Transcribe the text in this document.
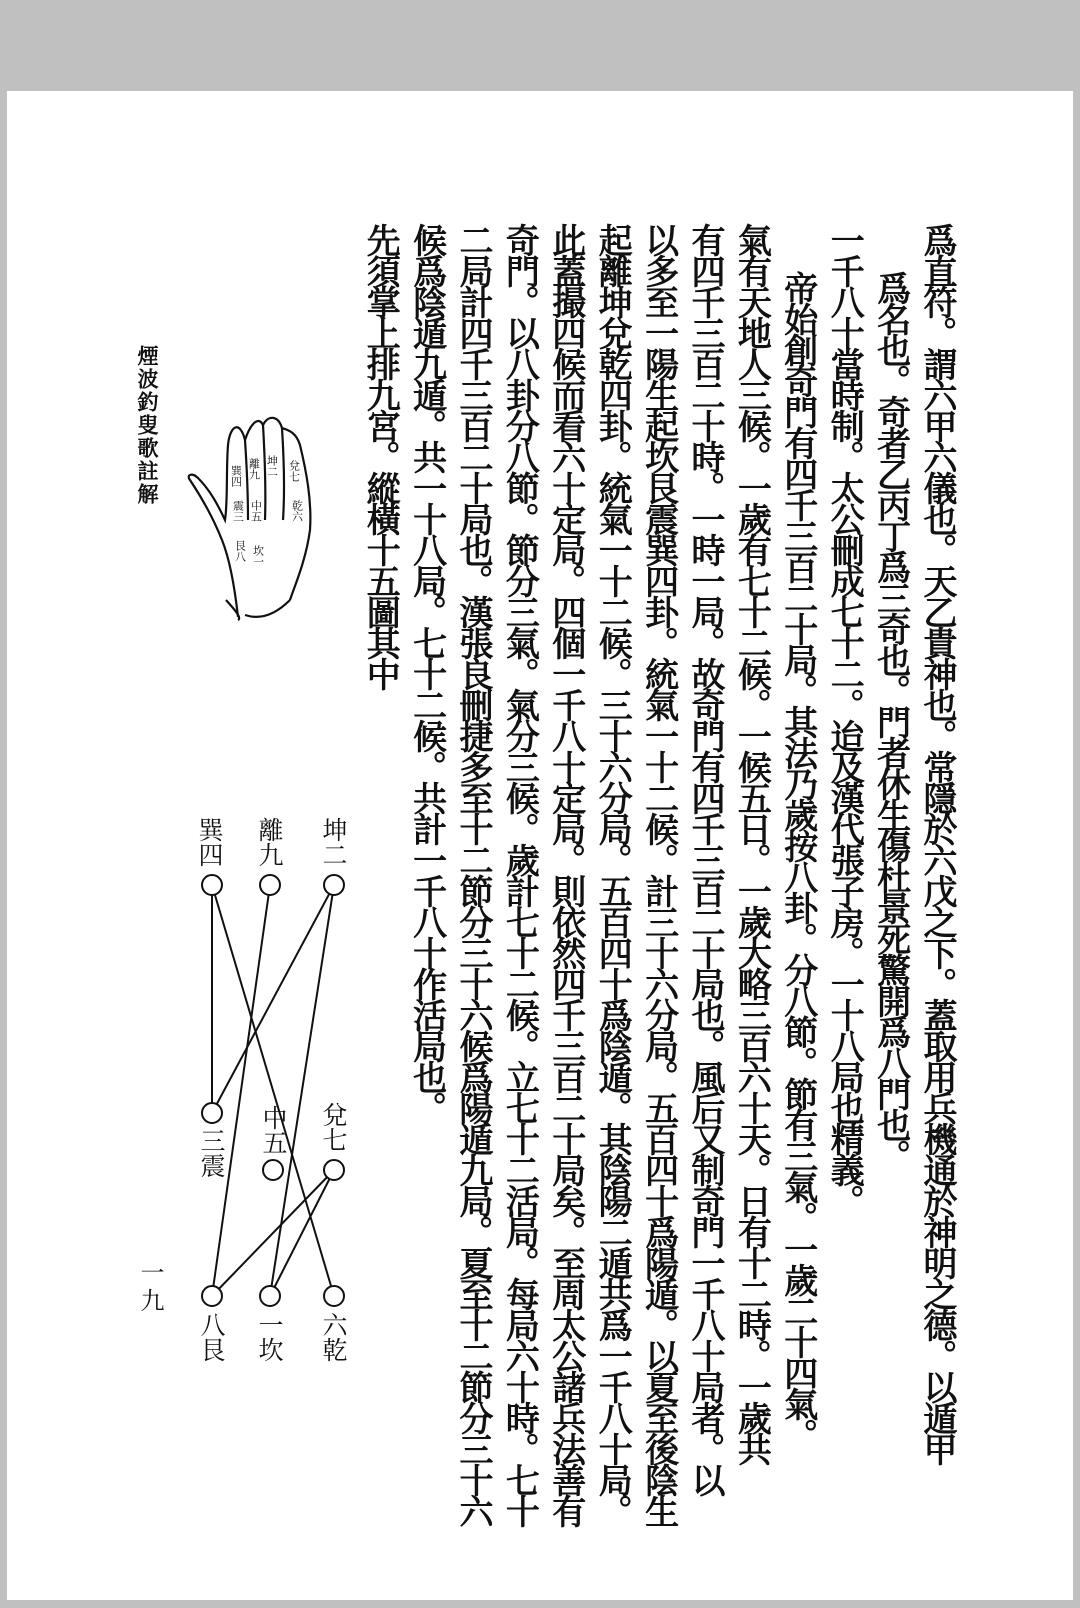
爲直符。謂六甲六儀也。天乙貴神也。常隱於六戊之下。蓋取用兵機通於神明之德。以遁甲
爲名也。奇者乙丙丁爲三奇也。門者休生傷杜景死驚開爲八門也。
一千八十當時制。太公刪成七十二。迨及漢代張子房。一十八局也精義。
帝始創奇門有四千三百二十局。其法乃歲按八卦。分八節。節有三氣。一歲二十四氣。
氣有天地人三候。一歲有七十二候。一候五日。一歲大略三百六十天。日有十二時。一歲共
有四千三百二十時。一時一局。故奇門有四千三百二十局也。風后又制奇門一千八十局者。以
以多至一陽生起坎艮震巽四卦。統氣一十二候。計三十六分局。五百四十爲陽遁。以夏至後陰生
起離坤兌乾四卦。統氣一十二候。三十六分局。五百四十爲陰遁。其陰陽二遁共爲一千八十局。
此蓋撮四候而看六十定局。四個一千八十定局。則依然四千三百二十局矣。至周太公諸兵法善有
奇門。以八卦分八節。節分三氣。氣分三候。歲計七十二候。立七十二活局。每局六十時。七十
二局計四千三百二十局也。漢張良刪捷多至十二節分三十六候爲陽遁九局。夏至十二節分三十六
候爲陰遁九遁。共一十八局。七十二候。共計一千八十作活局也。
先須掌上排九宮。縱橫十五圖其中
煙波釣叟歌註解
一九
巽四 離九 坤二
震三 中五
兌七
艮八 坎一
乾六
巽四 離九 坤二
兌七
中五
三震
六乾
一坎
八艮
